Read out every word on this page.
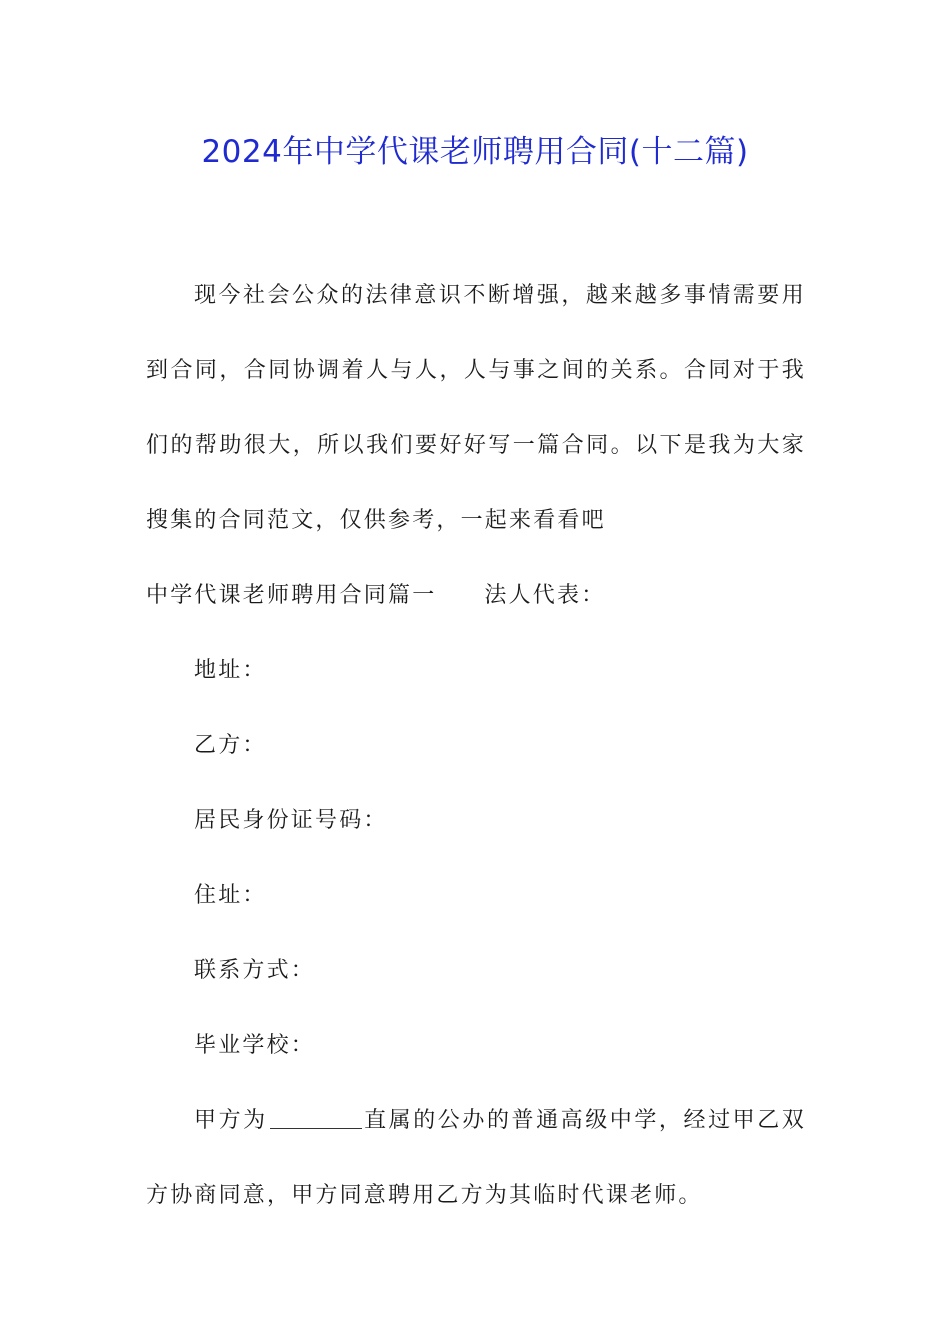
2024年中学代课老师聘用合同(十二篇)

现今社会公众的法律意识不断增强，越来越多事情需要用到合同，合同协调着人与人，人与事之间的关系。合同对于我们的帮助很大，所以我们要好好写一篇合同。以下是我为大家搜集的合同范文，仅供参考，一起来看看吧

中学代课老师聘用合同篇一 法人代表：

地址：

乙方：

居民身份证号码：

住址：

联系方式：

毕业学校：

甲方为	直属的公办的普通高级中学，经过甲乙双方协商同意，甲方同意聘用乙方为其临时代课老师。
